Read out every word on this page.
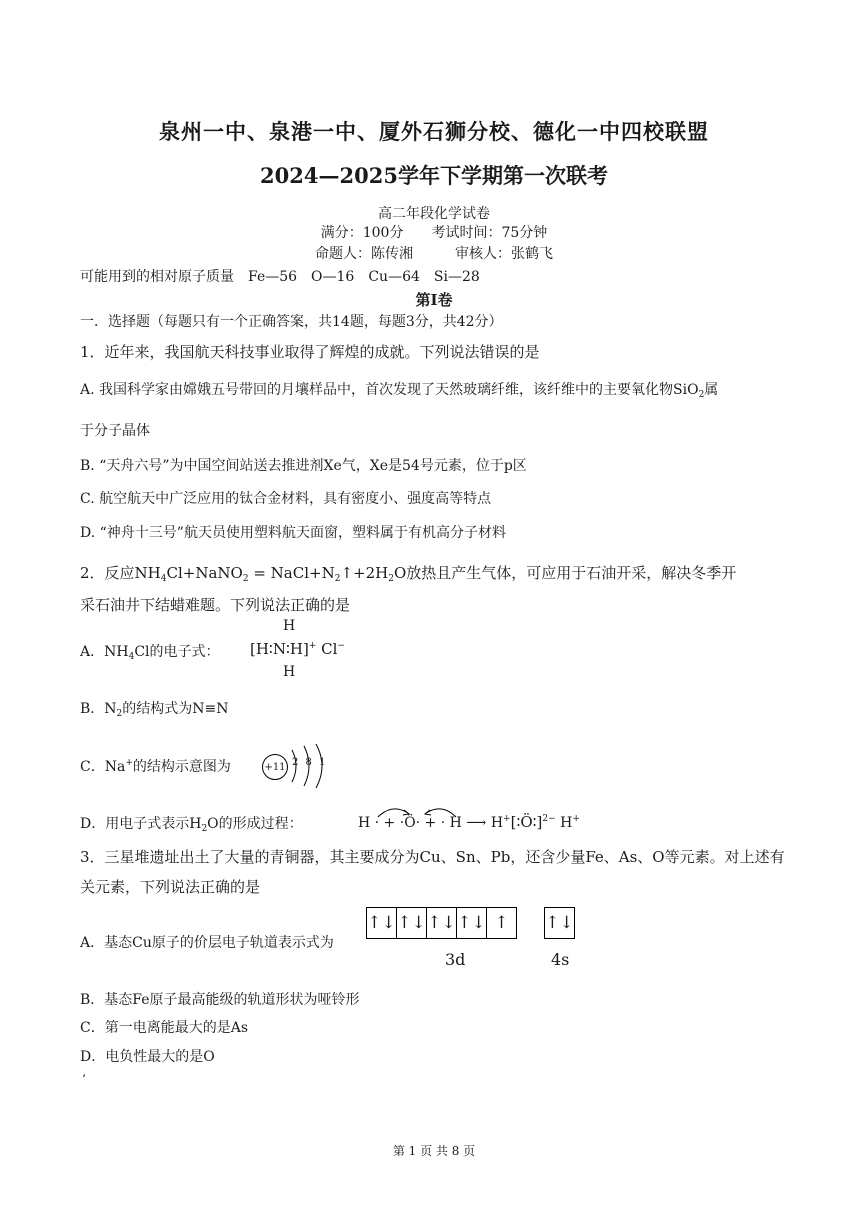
泉州一中、泉港一中、厦外石狮分校、德化一中四校联盟
2024—2025学年下学期第一次联考
高二年段化学试卷
满分：100分　　考试时间：75分钟
命题人：陈传湘　　　审核人：张鹤飞
可能用到的相对原子质量　Fe—56　O—16　Cu—64　Si—28
第Ⅰ卷
一．选择题（每题只有一个正确答案，共14题，每题3分，共42分）
1．近年来，我国航天科技事业取得了辉煌的成就。下列说法错误的是
A. 我国科学家由嫦娥五号带回的月壤样品中，首次发现了天然玻璃纤维，该纤维中的主要氧化物SiO$_2$属
于分子晶体
B. “天舟六号”为中国空间站送去推进剂Xe气，Xe是54号元素，位于p区
C. 航空航天中广泛应用的钛合金材料，具有密度小、强度高等特点
D. “神舟十三号”航天员使用塑料航天面窗，塑料属于有机高分子材料
2．反应$NH_4Cl+NaNO_2$ = $NaCl+N_2↑+2H_2O$放热且产生气体，可应用于石油开采，解决冬季开
采石油井下结蜡难题。下列说法正确的是
A．$NH_4Cl$的电子式：
H
[H∶N∶H]+ Cl−
H
B．$N_2$的结构式为N≡N
C．Na+的结构示意图为	+11 2 8 1
D．用电子式表示$H_2O$的形成过程：	H · + ·Ö· + · H ⟶ H+[∶Ö∶]$^{2-}$ H+
3．三星堆遗址出土了大量的青铜器，其主要成分为Cu、Sn、Pb，还含少量Fe、As、O等元素。对上述有
关元素，下列说法正确的是
A．基态Cu原子的价层电子轨道表示式为
↑↓ ↑↓ ↑↓ ↑↓ ↑	↑↓
3d	4s
B．基态Fe原子最高能级的轨道形状为哑铃形
C．第一电离能最大的是As
D．电负性最大的是O
‘
第 1 页 共 8 页
